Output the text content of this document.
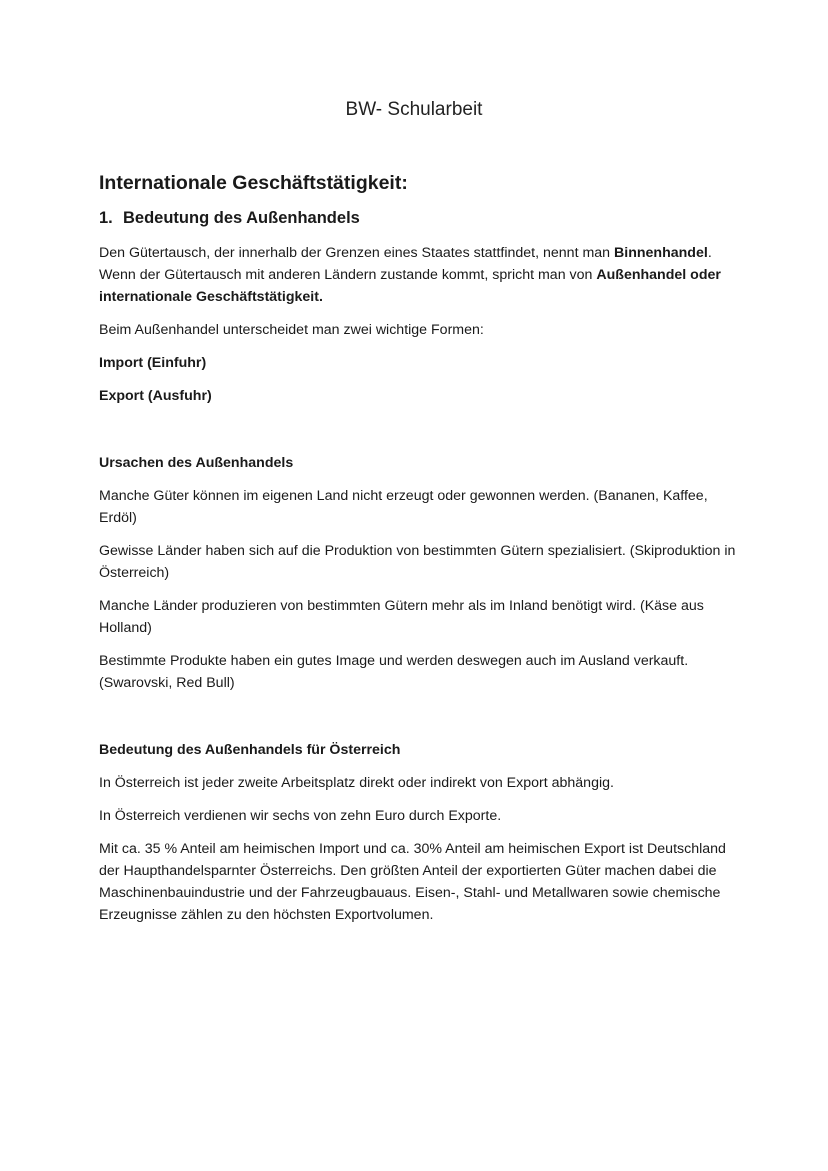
BW- Schularbeit
Internationale Geschäftstätigkeit:
1. Bedeutung des Außenhandels

Den Gütertausch, der innerhalb der Grenzen eines Staates stattfindet, nennt man Binnenhandel. Wenn der Gütertausch mit anderen Ländern zustande kommt, spricht man von Außenhandel oder internationale Geschäftstätigkeit.

Beim Außenhandel unterscheidet man zwei wichtige Formen:

Import (Einfuhr)

Export (Ausfuhr)

Ursachen des Außenhandels

Manche Güter können im eigenen Land nicht erzeugt oder gewonnen werden. (Bananen, Kaffee, Erdöl)

Gewisse Länder haben sich auf die Produktion von bestimmten Gütern spezialisiert. (Skiproduktion in Österreich)

Manche Länder produzieren von bestimmten Gütern mehr als im Inland benötigt wird. (Käse aus Holland)

Bestimmte Produkte haben ein gutes Image und werden deswegen auch im Ausland verkauft. (Swarovski, Red Bull)

Bedeutung des Außenhandels für Österreich

In Österreich ist jeder zweite Arbeitsplatz direkt oder indirekt von Export abhängig.

In Österreich verdienen wir sechs von zehn Euro durch Exporte.

Mit ca. 35 % Anteil am heimischen Import und ca. 30% Anteil am heimischen Export ist Deutschland der Haupthandelsparnter Österreichs. Den größten Anteil der exportierten Güter machen dabei die Maschinenbauindustrie und der Fahrzeugbauaus. Eisen-, Stahl- und Metallwaren sowie chemische Erzeugnisse zählen zu den höchsten Exportvolumen.
